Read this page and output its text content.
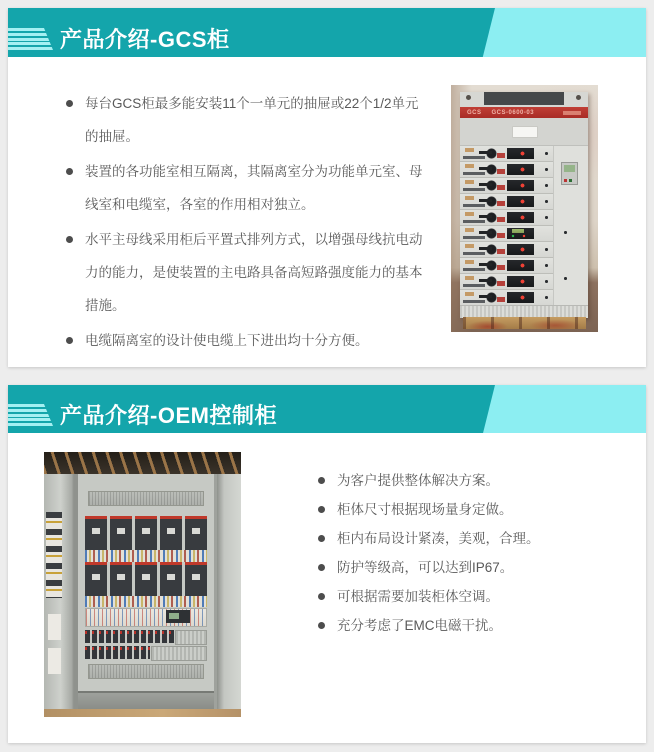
产品介绍-GCS柜
每台GCS柜最多能安装11个一单元的抽屉或22个1/2单元的抽屉。
装置的各功能室相互隔离，其隔离室分为功能单元室、母线室和电缆室，各室的作用相对独立。
水平主母线采用柜后平置式排列方式，以增强母线抗电动力的能力，是使装置的主电路具备高短路强度能力的基本措施。
电缆隔离室的设计使电缆上下进出均十分方便。
GCS GCS-0600-03
产品介绍-OEM控制柜
为客户提供整体解决方案。
柜体尺寸根据现场量身定做。
柜内布局设计紧凑，美观，合理。
防护等级高，可以达到IP67。
可根据需要加装柜体空调。
充分考虑了EMC电磁干扰。
